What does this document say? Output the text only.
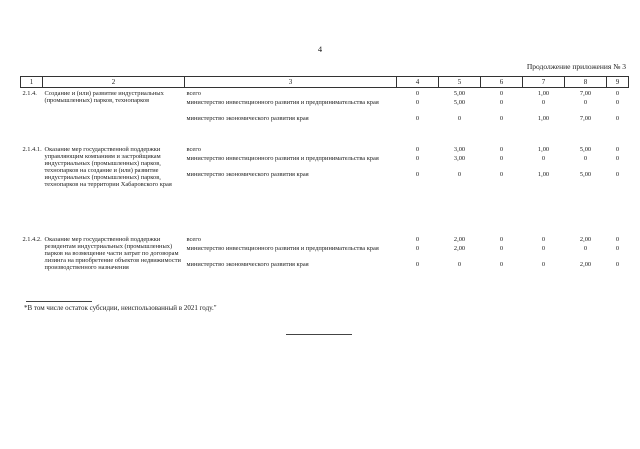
4
Продолжение приложения № 3
1	2	3	4	5	6	7	8	9

2.1.4.	Создание и (или) развитие индустриальных (промышленных) парков, технопарков	всего	0	5,00	0	1,00	7,00	0
		министерство инвестиционного развития и предпринимательства края	0	5,00	0	0	0	0
		министерство экономического развития края	0	0	0	1,00	7,00	0

2.1.4.1.	Оказание мер государственной поддержки управляющим компаниям и застройщикам индустриальных (промышленных) парков, технопарков на создание и (или) развитие индустриальных (промышленных) парков, технопарков на территории Хабаровского края	всего	0	3,00	0	1,00	5,00	0
		министерство инвестиционного развития и предпринимательства края	0	3,00	0	0	0	0
		министерство экономического развития края	0	0	0	1,00	5,00	0

2.1.4.2.	Оказание мер государственной поддержки резидентам индустриальных (промышленных) парков на возмещение части затрат по договорам лизинга на приобретение объектов недвижимости производственного назначения	всего	0	2,00	0	0	2,00	0
		министерство инвестиционного развития и предпринимательства края	0	2,00	0	0	0	0
		министерство экономического развития края	0	0	0	0	2,00	0
*В том числе остаток субсидии, неиспользованный в 2021 году."
